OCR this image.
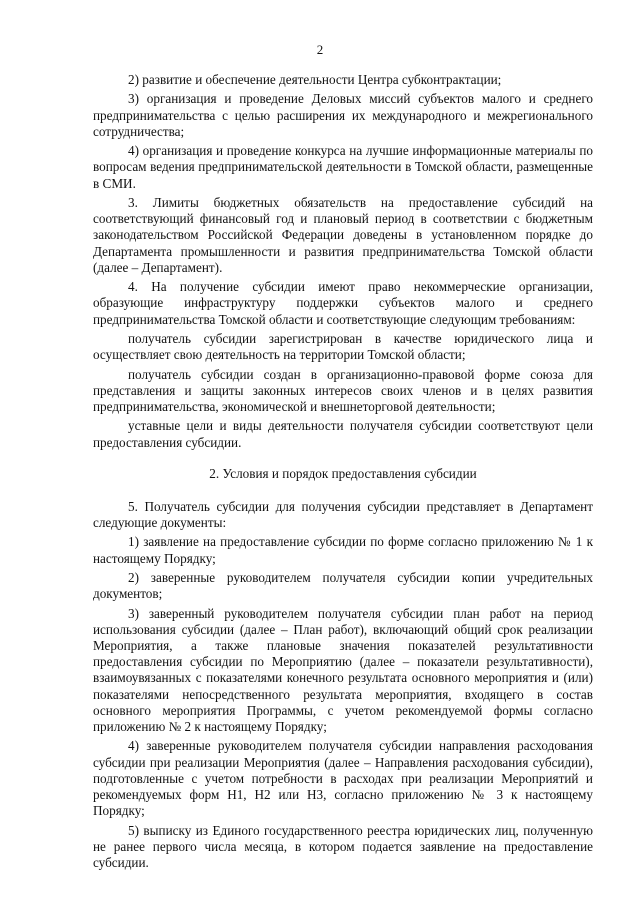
2

2) развитие и обеспечение деятельности Центра субконтрактации;

3) организация и проведение Деловых миссий субъектов малого и среднего предпринимательства с целью расширения их международного и межрегионального сотрудничества;

4) организация и проведение конкурса на лучшие информационные материалы по вопросам ведения предпринимательской деятельности в Томской области, размещенные в СМИ.

3. Лимиты бюджетных обязательств на предоставление субсидий на соответствующий финансовый год и плановый период в соответствии с бюджетным законодательством Российской Федерации доведены в установленном порядке до Департамента промышленности и развития предпринимательства Томской области (далее – Департамент).

4. На получение субсидии имеют право некоммерческие организации, образующие инфраструктуру поддержки субъектов малого и среднего предпринимательства Томской области и соответствующие следующим требованиям:

получатель субсидии зарегистрирован в качестве юридического лица и осуществляет свою деятельность на территории Томской области;

получатель субсидии создан в организационно-правовой форме союза для представления и защиты законных интересов своих членов и в целях развития предпринимательства, экономической и внешнеторговой деятельности;

уставные цели и виды деятельности получателя субсидии соответствуют цели предоставления субсидии.

2. Условия и порядок предоставления субсидии

5. Получатель субсидии для получения субсидии представляет в Департамент следующие документы:

1) заявление на предоставление субсидии по форме согласно приложению № 1 к настоящему Порядку;

2) заверенные руководителем получателя субсидии копии учредительных документов;

3) заверенный руководителем получателя субсидии план работ на период использования субсидии (далее – План работ), включающий общий срок реализации Мероприятия, а также плановые значения показателей результативности предоставления субсидии по Мероприятию (далее – показатели результативности), взаимоувязанных с показателями конечного результата основного мероприятия и (или) показателями непосредственного результата мероприятия, входящего в состав основного мероприятия Программы, с учетом рекомендуемой формы согласно приложению № 2 к настоящему Порядку;

4) заверенные руководителем получателя субсидии направления расходования субсидии при реализации Мероприятия (далее – Направления расходования субсидии), подготовленные с учетом потребности в расходах при реализации Мероприятий и рекомендуемых форм Н1, Н2 или Н3, согласно приложению № 3 к настоящему Порядку;

5) выписку из Единого государственного реестра юридических лиц, полученную не ранее первого числа месяца, в котором подается заявление на предоставление субсидии.
